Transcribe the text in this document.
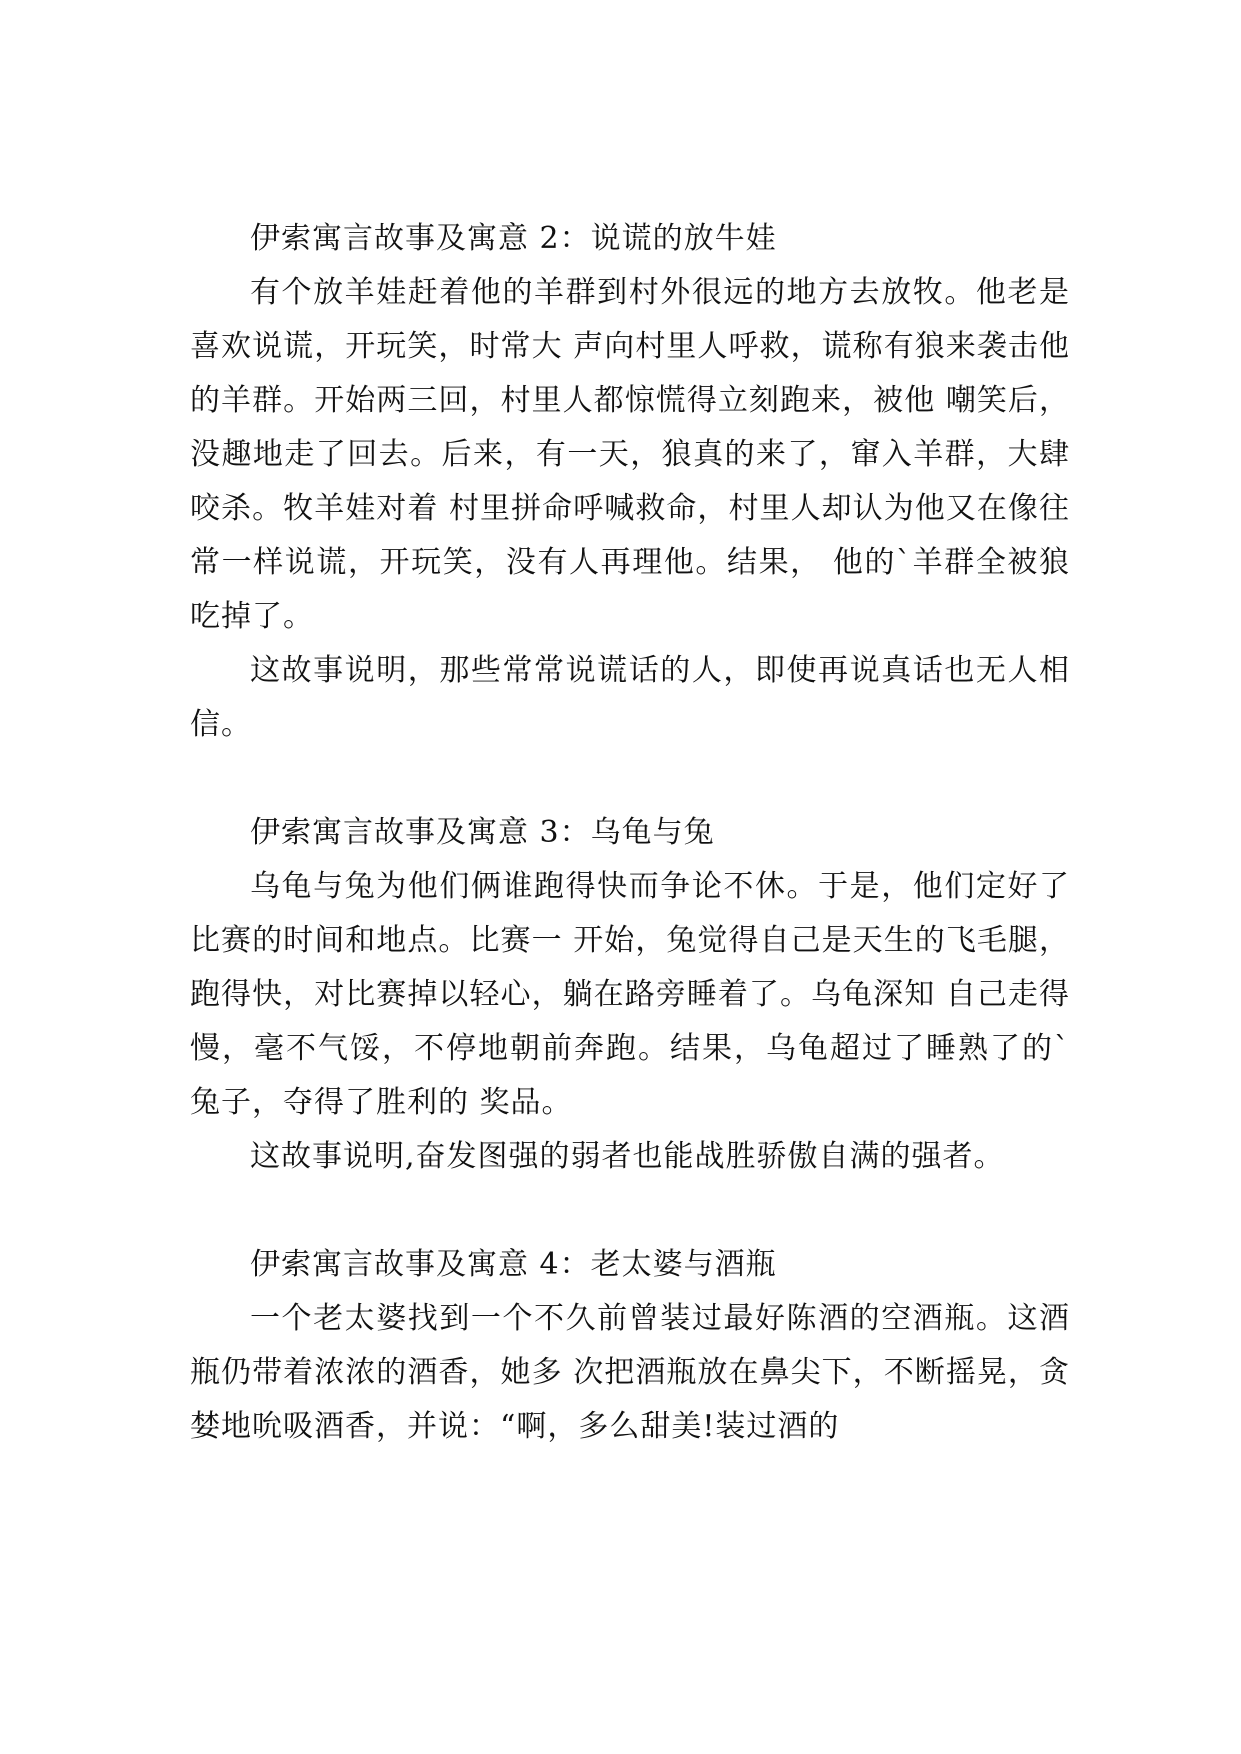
伊索寓言故事及寓意 2：说谎的放牛娃

有个放羊娃赶着他的羊群到村外很远的地方去放牧。他老是喜欢说谎，开玩笑，时常大 声向村里人呼救，谎称有狼来袭击他的羊群。开始两三回，村里人都惊慌得立刻跑来，被他 嘲笑后，没趣地走了回去。后来，有一天，狼真的来了，窜入羊群，大肆咬杀。牧羊娃对着 村里拼命呼喊救命，村里人却认为他又在像往常一样说谎，开玩笑，没有人再理他。结果， 他的`羊群全被狼吃掉了。

这故事说明，那些常常说谎话的人，即使再说真话也无人相信。

伊索寓言故事及寓意 3：乌龟与兔

乌龟与兔为他们俩谁跑得快而争论不休。于是，他们定好了比赛的时间和地点。比赛一 开始，兔觉得自己是天生的飞毛腿，跑得快，对比赛掉以轻心，躺在路旁睡着了。乌龟深知 自己走得慢，毫不气馁，不停地朝前奔跑。结果，乌龟超过了睡熟了的`兔子，夺得了胜利的 奖品。

这故事说明,奋发图强的弱者也能战胜骄傲自满的强者。

伊索寓言故事及寓意 4：老太婆与酒瓶

一个老太婆找到一个不久前曾装过最好陈酒的空酒瓶。这酒瓶仍带着浓浓的酒香，她多 次把酒瓶放在鼻尖下，不断摇晃，贪婪地吮吸酒香，并说：“啊，多么甜美!装过酒的
